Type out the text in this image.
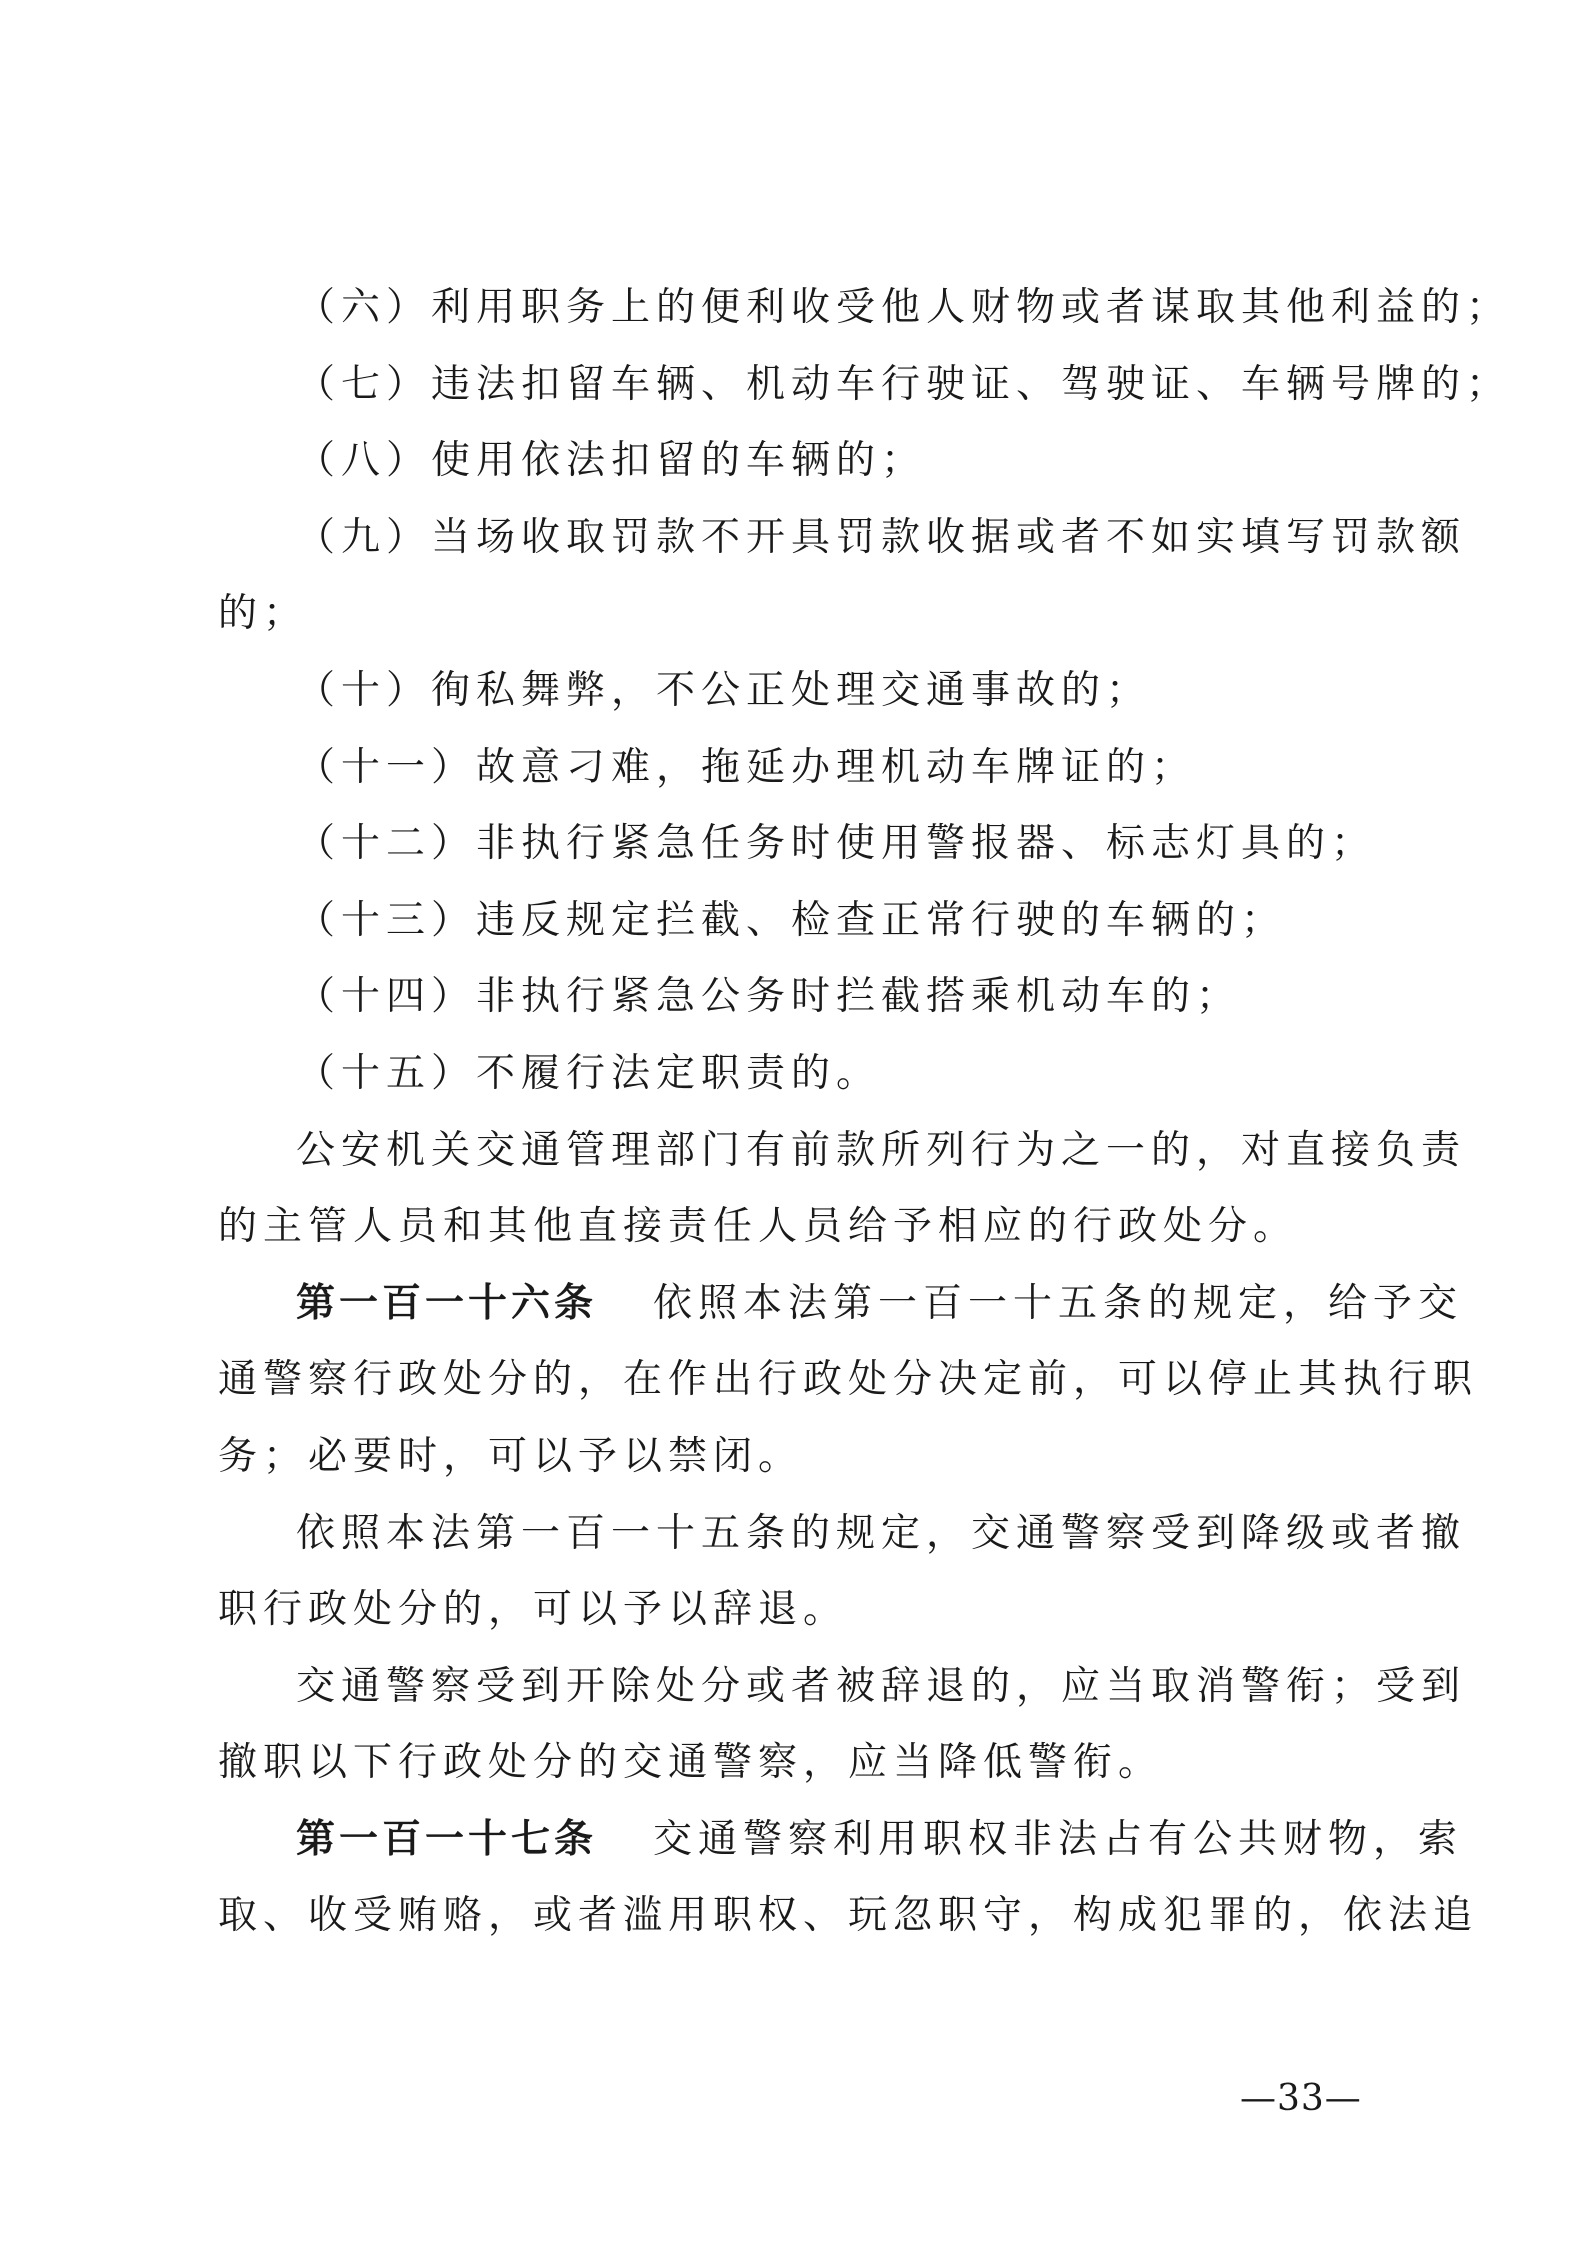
（六）利用职务上的便利收受他人财物或者谋取其他利益的；
（七）违法扣留车辆、机动车行驶证、驾驶证、车辆号牌的；
（八）使用依法扣留的车辆的；
（九）当场收取罚款不开具罚款收据或者不如实填写罚款额
的；
（十）徇私舞弊，不公正处理交通事故的；
（十一）故意刁难，拖延办理机动车牌证的；
（十二）非执行紧急任务时使用警报器、标志灯具的；
（十三）违反规定拦截、检查正常行驶的车辆的；
（十四）非执行紧急公务时拦截搭乘机动车的；
（十五）不履行法定职责的。
公安机关交通管理部门有前款所列行为之一的，对直接负责
的主管人员和其他直接责任人员给予相应的行政处分。
第一百一十六条 依照本法第一百一十五条的规定，给予交
通警察行政处分的，在作出行政处分决定前，可以停止其执行职
务；必要时，可以予以禁闭。
依照本法第一百一十五条的规定，交通警察受到降级或者撤
职行政处分的，可以予以辞退。
交通警察受到开除处分或者被辞退的，应当取消警衔；受到
撤职以下行政处分的交通警察，应当降低警衔。
第一百一十七条 交通警察利用职权非法占有公共财物，索
取、收受贿赂，或者滥用职权、玩忽职守，构成犯罪的，依法追
—33—
